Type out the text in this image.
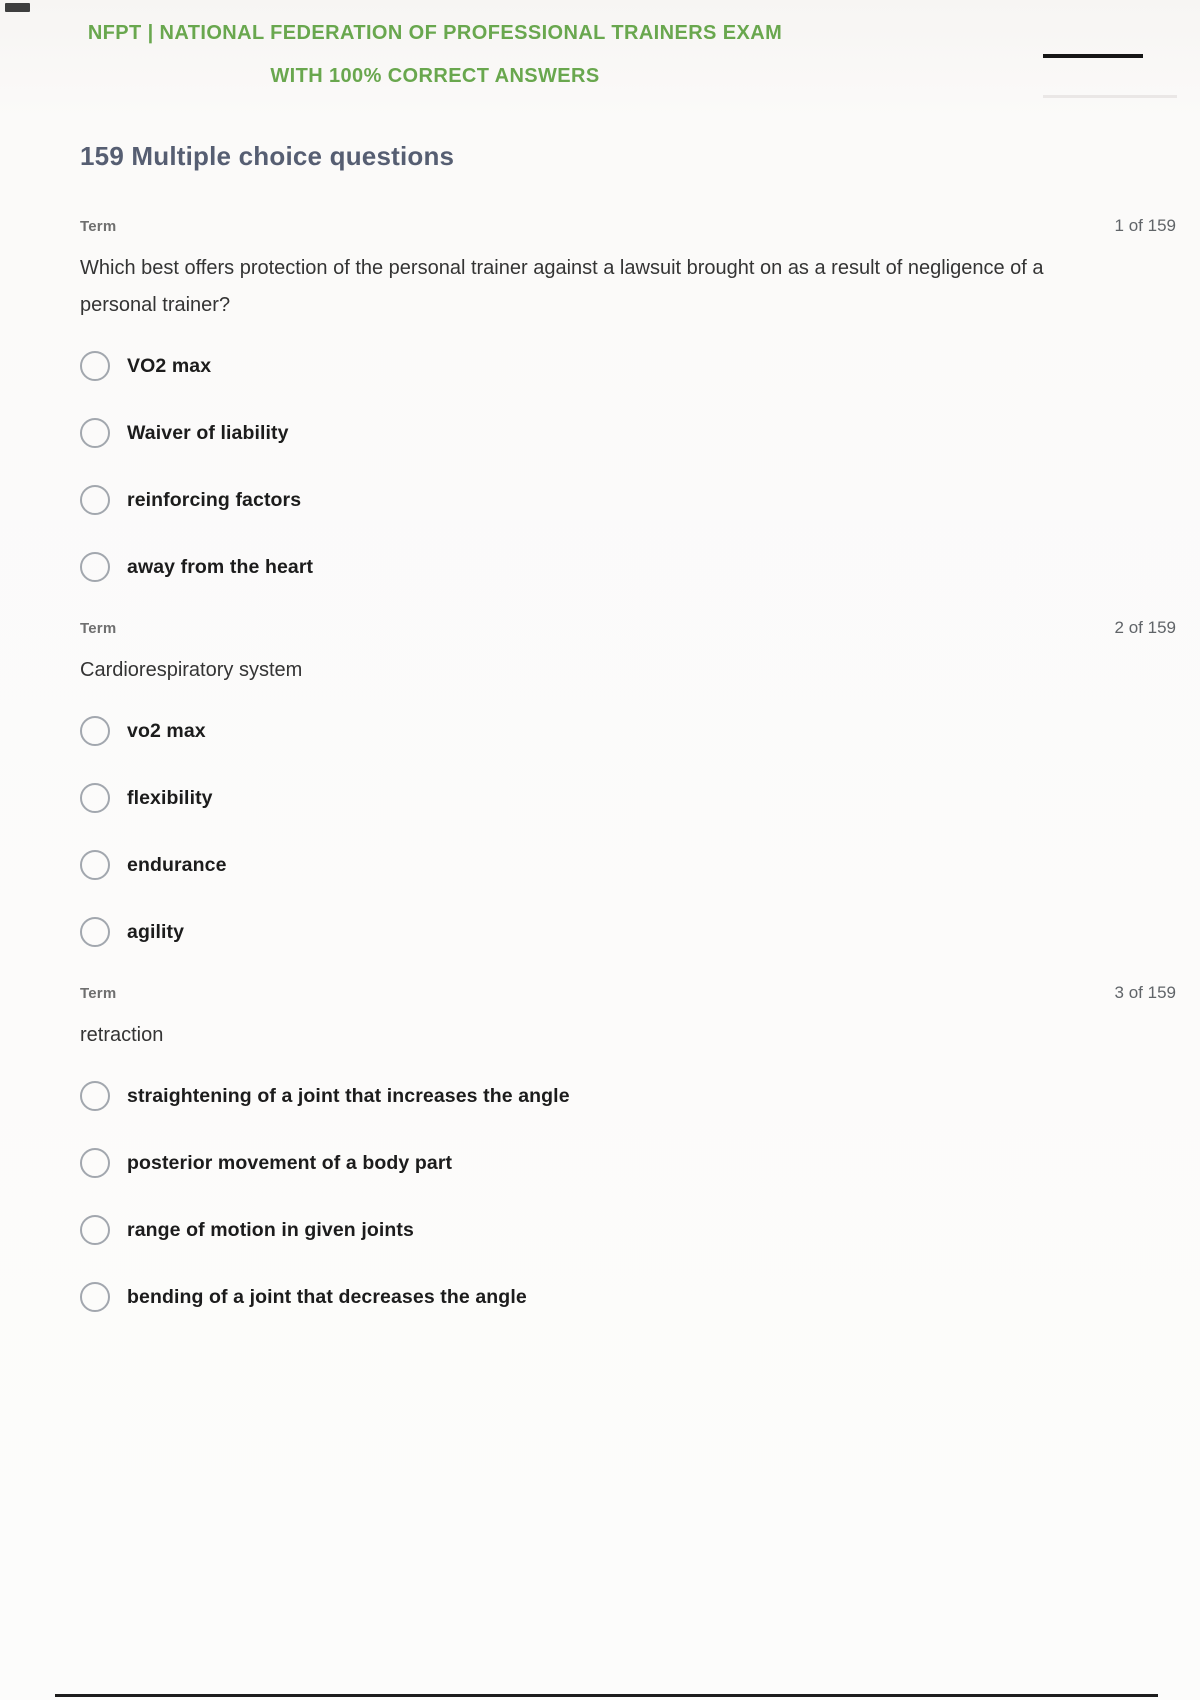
NFPT | NATIONAL FEDERATION OF PROFESSIONAL TRAINERS EXAM
WITH 100% CORRECT ANSWERS
159 Multiple choice questions
Term	1 of 159

Which best offers protection of the personal trainer against a lawsuit brought on as a result of negligence of a personal trainer?

VO2 max
Waiver of liability
reinforcing factors
away from the heart
Term	2 of 159

Cardiorespiratory system

vo2 max
flexibility
endurance
agility
Term	3 of 159

retraction

straightening of a joint that increases the angle
posterior movement of a body part
range of motion in given joints
bending of a joint that decreases the angle
